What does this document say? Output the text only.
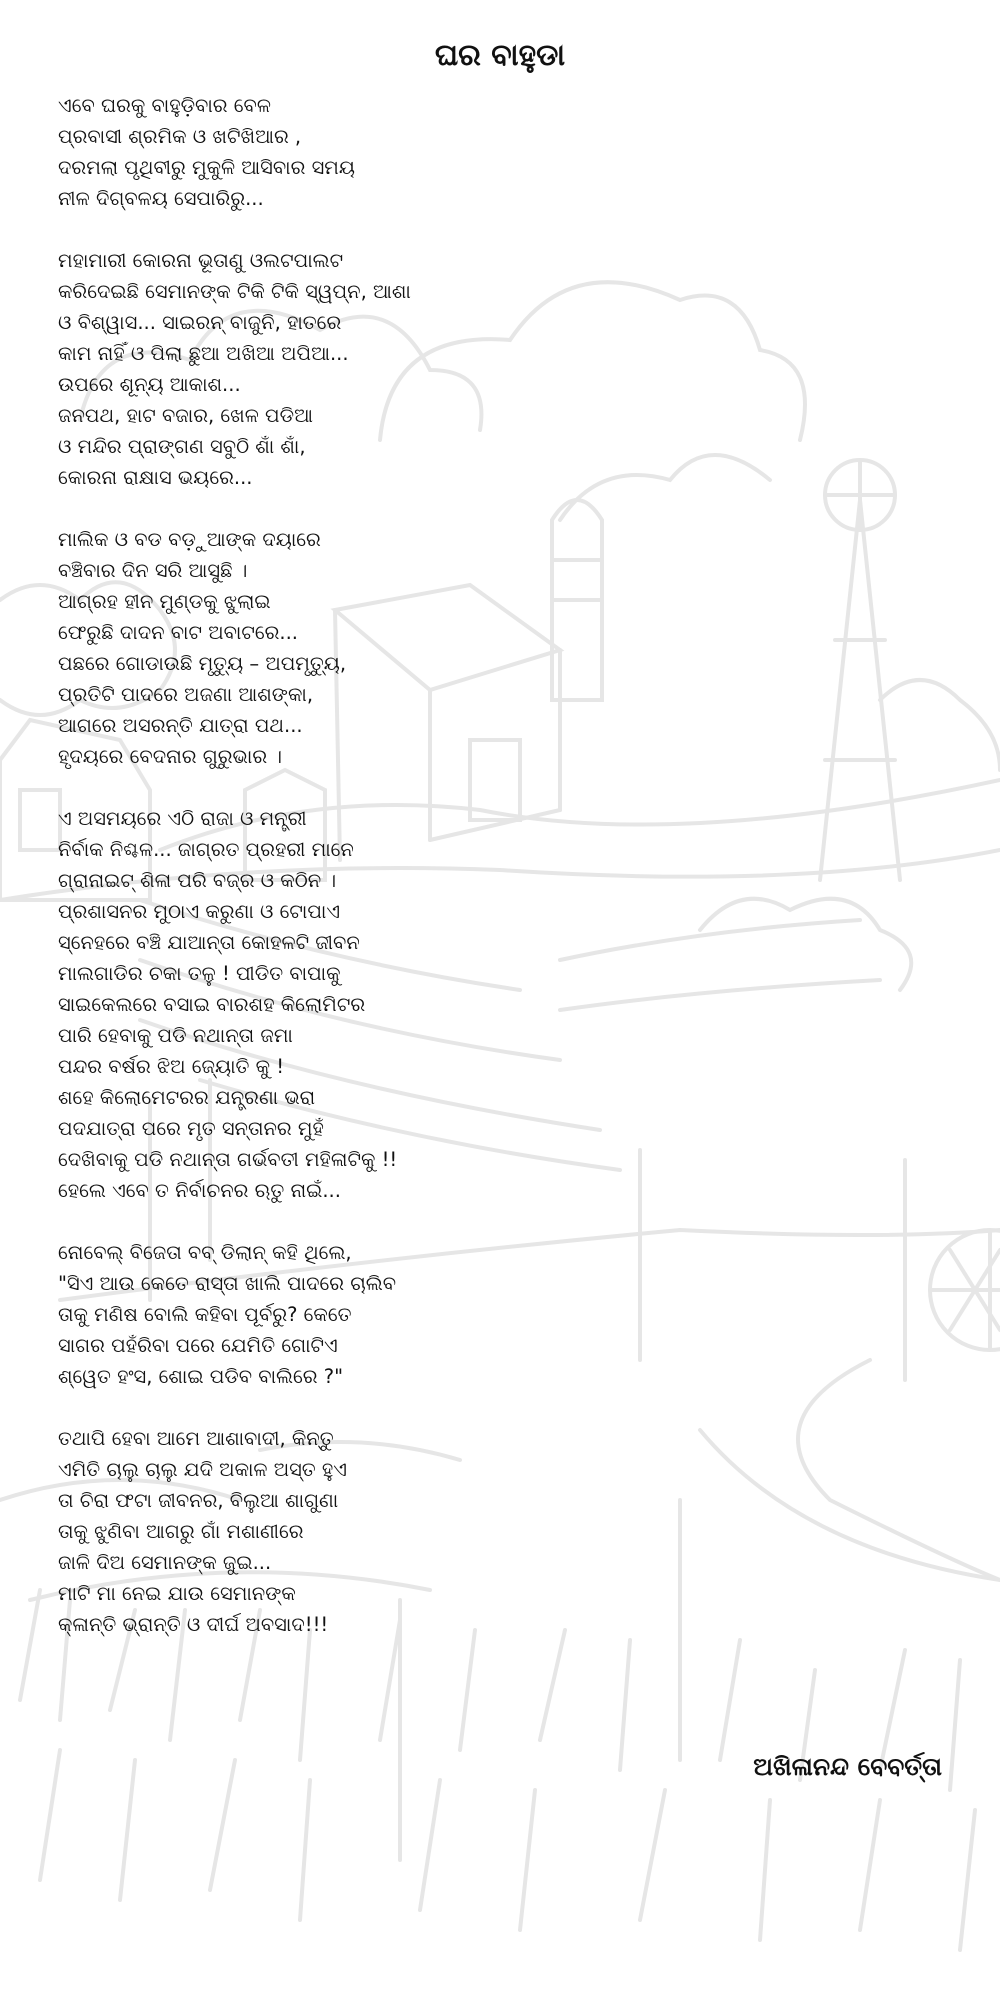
ଘର ବାହୁଡା
ଏବେ ଘରକୁ ବାହୁଡ଼ିବାର ବେଳ
ପ୍ରବାସୀ ଶ୍ରମିକ ଓ ଖଟିଖିଆର ,
ଦରମଲା ପୃଥିବୀରୁ ମୁକୁଳି ଆସିବାର ସମୟ
ନୀଳ ଦିଗ୍ବଳୟ ସେପାରିରୁ...
ମହାମାରୀ କୋରନା ଭୂତାଣୁ ଓଲଟପାଲଟ
କରିଦେଇଛି ସେମାନଙ୍କ ଟିକି ଟିକି ସ୍ୱପ୍ନ, ଆଶା
ଓ ବିଶ୍ୱାସ... ସାଇରନ୍ ବାଜୁନି, ହାତରେ
କାମ ନାହିଁ ଓ ପିଲା ଛୁଆ ଅଖିଆ ଅପିଆ...
ଉପରେ ଶୂନ୍ୟ ଆକାଶ...
ଜନପଥ, ହାଟ ବଜାର, ଖେଳ ପଡିଆ
ଓ ମନ୍ଦିର ପ୍ରାଙ୍ଗଣ ସବୁଠି ଶାଁ ଶାଁ,
କୋରନା ରାକ୍ଷାସ ଭୟରେ...
ମାଲିକ ଓ ବଡ ବଡ଼ୁଆଙ୍କ ଦୟାରେ
ବଞ୍ଚିବାର ଦିନ ସରି ଆସୁଛି ।
ଆଗ୍ରହ ହୀନ ମୁଣ୍ଡକୁ ଝୁଲାଇ
ଫେରୁଛି ଦାଦନ ବାଟ ଅବାଟରେ...
ପଛରେ ଗୋଡାଉଛି ମୃତ୍ୟୁ – ଅପମୃତ୍ୟୁ,
ପ୍ରତିଟି ପାଦରେ ଅଜଣା ଆଶଙ୍କା,
ଆଗରେ ଅସରନ୍ତି ଯାତ୍ରା ପଥ...
ହୃଦୟରେ ବେଦନାର ଗୁରୁଭାର ।
ଏ ଅସମୟରେ ଏଠି ରାଜା ଓ ମନ୍ତ୍ରୀ
ନିର୍ବାକ ନିଶ୍ଚଳ... ଜାଗ୍ରତ ପ୍ରହରୀ ମାନେ
ଗ୍ରାନାଇଟ୍ ଶିଳା ପରି ବଜ୍ର ଓ କଠିନ ।
ପ୍ରଶାସନର ମୁଠାଏ କରୁଣା ଓ ଟୋପାଏ
ସ୍ନେହରେ ବଞ୍ଚି ଯାଆନ୍ତା କୋହଳଟି ଜୀବନ
ମାଲଗାଡିର ଚକା ତଳୁ ! ପୀଡିତ ବାପାକୁ
ସାଇକେଲରେ ବସାଇ ବାରଶହ କିଲୋମିଟର
ପାରି ହେବାକୁ ପଡି ନଥାନ୍ତା ଜମା
ପନ୍ଦର ବର୍ଷର ଝିଅ ଜ୍ୟୋତି କୁ !
ଶହେ କିଲୋମେଟରର ଯନ୍ତ୍ରଣା ଭରା
ପଦଯାତ୍ରା ପରେ ମୃତ ସନ୍ତାନର ମୁହଁ
ଦେଖିବାକୁ ପଡି ନଥାନ୍ତା ଗର୍ଭବତୀ ମହିଳାଟିକୁ !!
ହେଲେ ଏବେ ତ ନିର୍ବାଚନର ଋତୁ ନାଇଁ...
ନୋବେଲ୍ ବିଜେତା ବବ୍ ଡିଲାନ୍ କହି ଥିଲେ,
"ସିଏ ଆଉ କେତେ ରାସ୍ତା ଖାଲି ପାଦରେ ଚାଲିବ
ତାକୁ ମଣିଷ ବୋଲି କହିବା ପୂର୍ବରୁ? କେତେ
ସାଗର ପହଁରିବା ପରେ ଯେମିତି ଗୋଟିଏ
ଶ୍ୱେତ ହଂସ, ଶୋଇ ପଡିବ ବାଲିରେ ?"
ତଥାପି ହେବା ଆମେ ଆଶାବାଦୀ, କିନ୍ତୁ
ଏମିତି ଚାଲୁ ଚାଲୁ ଯଦି ଅକାଳ ଅସ୍ତ ହୁଏ
ତା ଚିରା ଫଟା ଜୀବନର, ବିଲୁଆ ଶାଗୁଣା
ତାକୁ ଝୁଣିବା ଆଗରୁ ଗାଁ ମଶାଣୀରେ
ଜାଳି ଦିଅ ସେମାନଙ୍କ ଜୁଇ...
ମାଟି ମା ନେଇ ଯାଉ ସେମାନଙ୍କ
କ୍ଳାନ୍ତି ଭ୍ରାନ୍ତି ଓ ଦୀର୍ଘ ଅବସାଦ!!!
ଅଖିଳାନନ୍ଦ ବେବର୍ତ୍ତା
